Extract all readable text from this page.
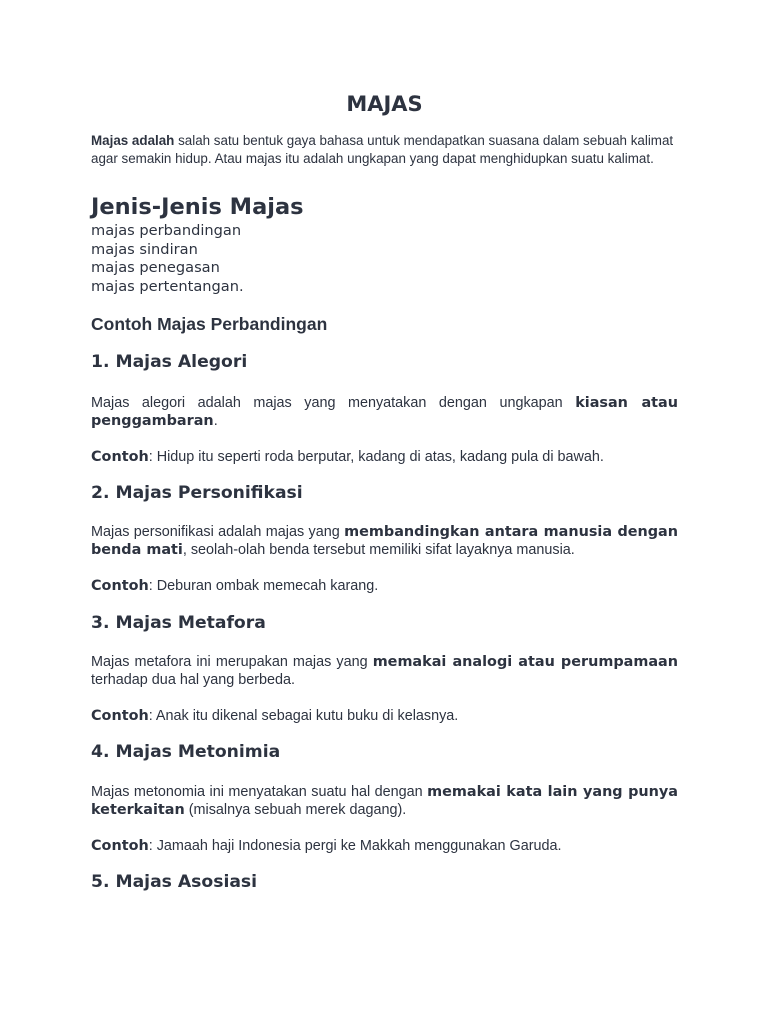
MAJAS

Majas adalah salah satu bentuk gaya bahasa untuk mendapatkan suasana dalam sebuah kalimat agar semakin hidup. Atau majas itu adalah ungkapan yang dapat menghidupkan suatu kalimat.

Jenis-Jenis Majas
majas perbandingan
majas sindiran
majas penegasan
majas pertentangan.
Contoh Majas Perbandingan
1. Majas Alegori

Majas alegori adalah majas yang menyatakan dengan ungkapan kiasan atau penggambaran.

Contoh: Hidup itu seperti roda berputar, kadang di atas, kadang pula di bawah.

2. Majas Personifikasi

Majas personifikasi adalah majas yang membandingkan antara manusia dengan benda mati, seolah-olah benda tersebut memiliki sifat layaknya manusia.

Contoh: Deburan ombak memecah karang.

3. Majas Metafora

Majas metafora ini merupakan majas yang memakai analogi atau perumpamaan terhadap dua hal yang berbeda.

Contoh: Anak itu dikenal sebagai kutu buku di kelasnya.

4. Majas Metonimia

Majas metonomia ini menyatakan suatu hal dengan memakai kata lain yang punya keterkaitan (misalnya sebuah merek dagang).

Contoh: Jamaah haji Indonesia pergi ke Makkah menggunakan Garuda.

5. Majas Asosiasi
